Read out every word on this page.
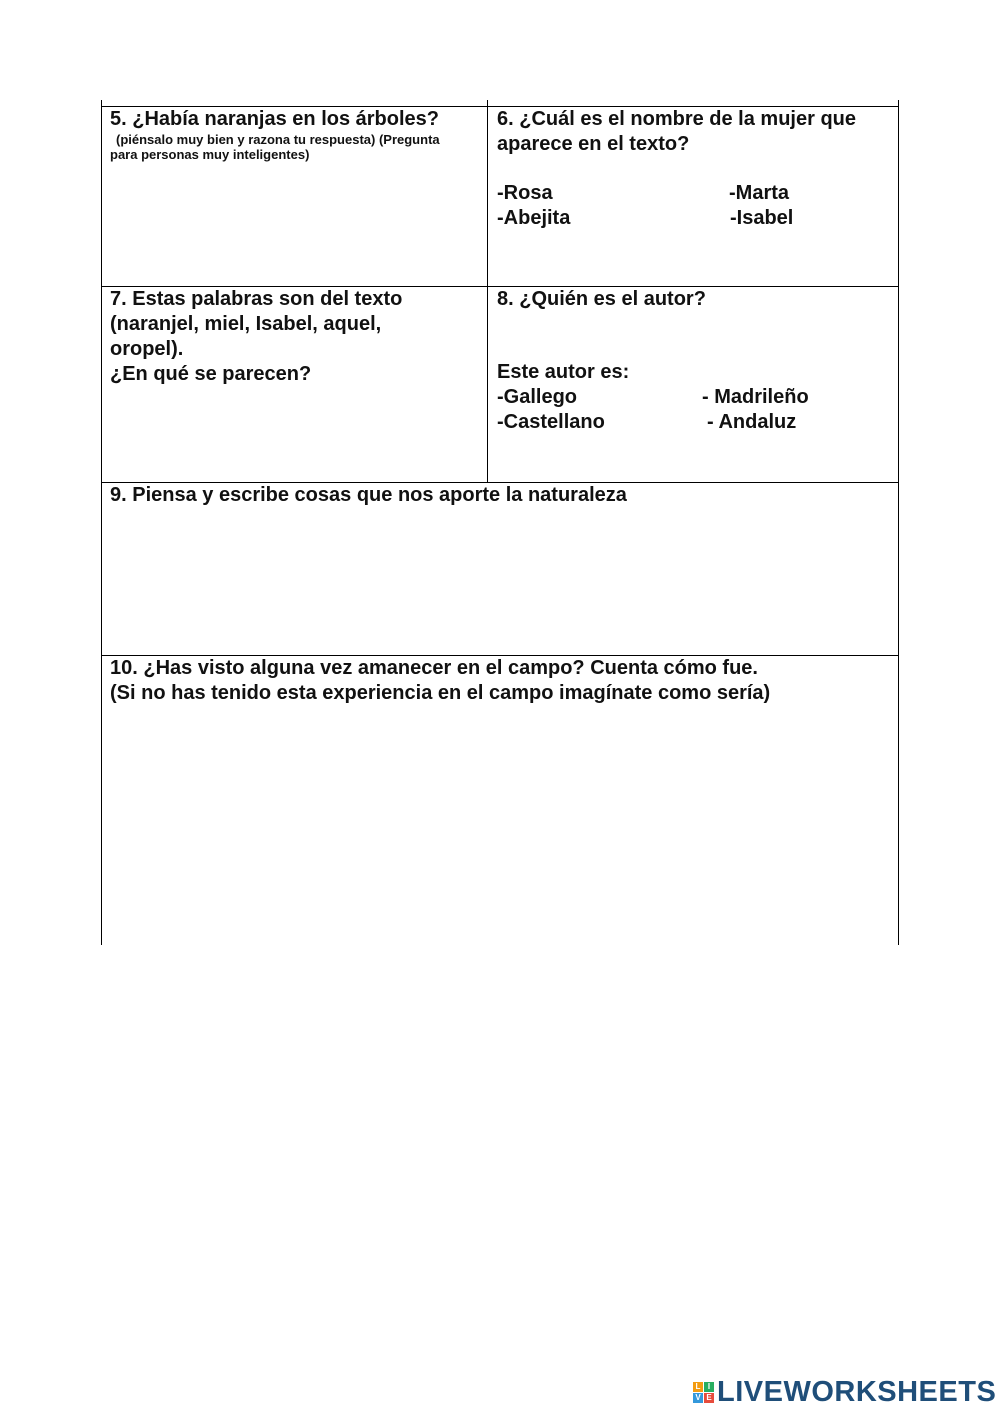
5. ¿Había naranjas en los árboles?

(piénsalo muy bien y razona tu respuesta) (Pregunta

para personas muy inteligentes)

6. ¿Cuál es el nombre de la mujer que

aparece en el texto?

-Rosa	-Marta
-Abejita	-Isabel

7. Estas palabras son del texto

(naranjel, miel, Isabel, aquel,

oropel).

¿En qué se parecen?

8. ¿Quién es el autor?

Este autor es:

-Gallego	- Madrileño
-Castellano	- Andaluz

9. Piensa y escribe cosas que nos aporte la naturaleza

10. ¿Has visto alguna vez amanecer en el campo? Cuenta cómo fue.

(Si no has tenido esta experiencia en el campo imagínate como sería)

L I
V E LIVEWORKSHEETS
